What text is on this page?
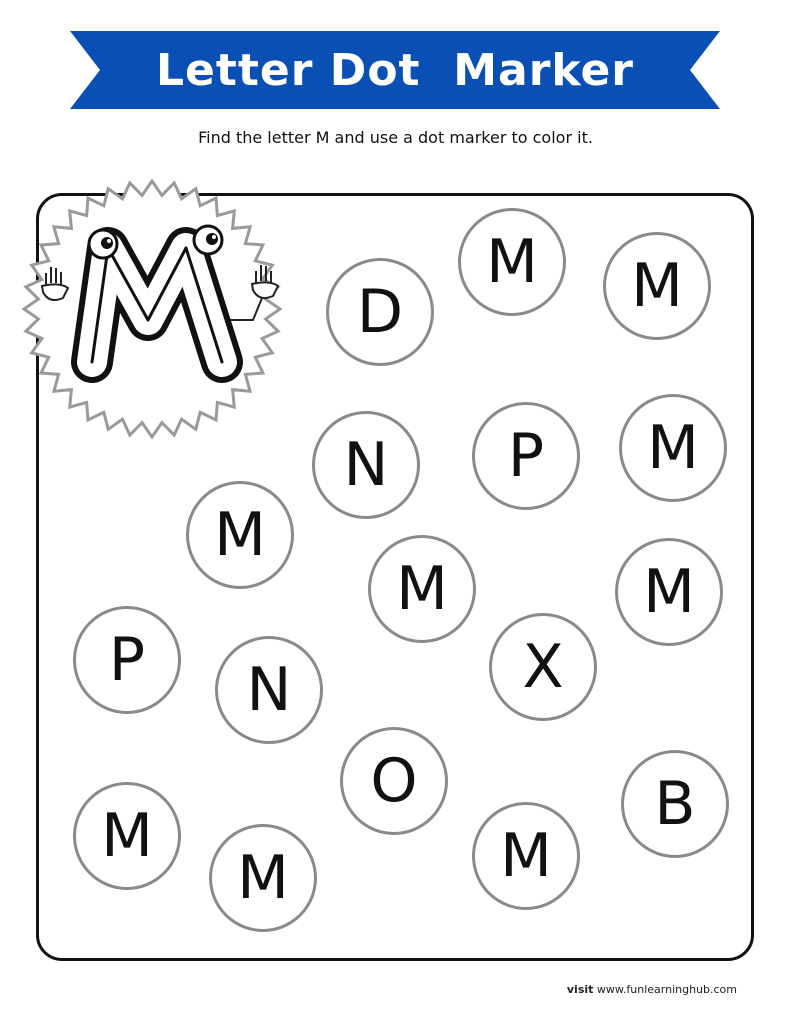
Letter Dot  Marker
Find the letter M and use a dot marker to color it.
D
M	M
N	P	M
M
M	M
P	N	X
O	B
M
M	M
visit www.funlearninghub.com
